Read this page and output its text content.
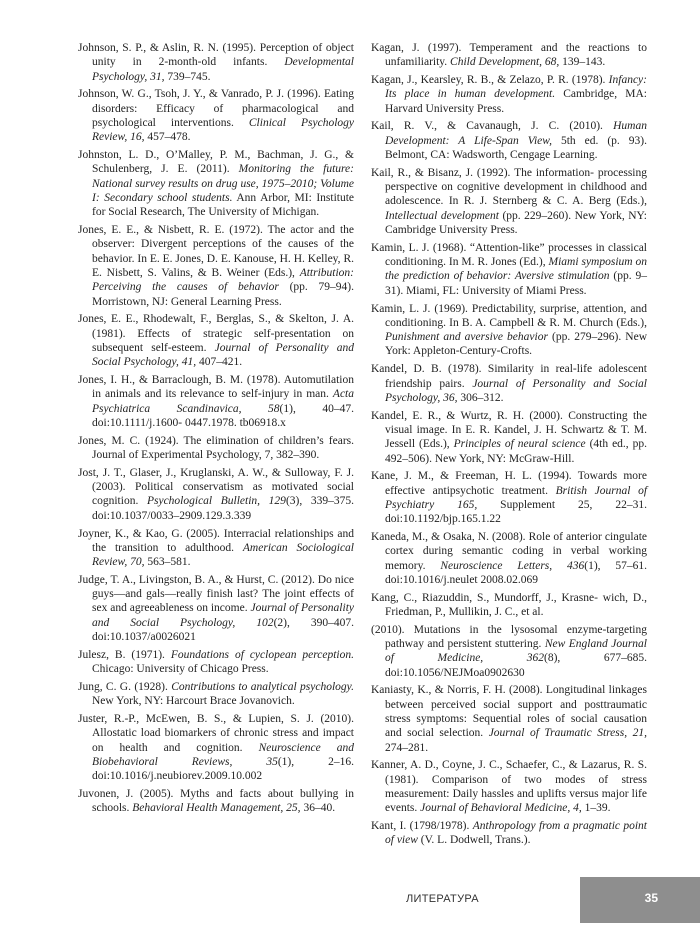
Johnson, S. P., & Aslin, R. N. (1995). Perception of object unity in 2-month-old infants. Developmental Psychology, 31, 739–745.

Johnson, W. G., Tsoh, J. Y., & Vanrado, P. J. (1996). Eating disorders: Efficacy of pharmacological and psychological interventions. Clinical Psychology Review, 16, 457–478.

Johnston, L. D., O’Malley, P. M., Bachman, J. G., & Schulenberg, J. E. (2011). Monitoring the future: National survey results on drug use, 1975–2010; Volume I: Secondary school students. Ann Arbor, MI: Institute for Social Research, The University of Michigan.

Jones, E. E., & Nisbett, R. E. (1972). The actor and the observer: Divergent perceptions of the causes of the behavior. In E. E. Jones, D. E. Kanouse, H. H. Kelley, R. E. Nisbett, S. Valins, & B. Weiner (Eds.), Attribution: Perceiving the causes of behavior (pp. 79–94). Morristown, NJ: General Learning Press.

Jones, E. E., Rhodewalt, F., Berglas, S., & Skelton, J. A. (1981). Effects of strategic self-presentation on subsequent self-esteem. Journal of Personality and Social Psychology, 41, 407–421.

Jones, I. H., & Barraclough, B. M. (1978). Automutilation in animals and its relevance to self-injury in man. Acta Psychiatrica Scandinavica, 58(1), 40–47. doi:10.1111/j.1600- 0447.1978. tb06918.x

Jones, M. C. (1924). The elimination of children’s fears. Journal of Experimental Psychology, 7, 382–390.

Jost, J. T., Glaser, J., Kruglanski, A. W., & Sulloway, F. J. (2003). Political conservatism as motivated social cognition. Psychological Bulletin, 129(3), 339–375. doi:10.1037/0033–2909.129.3.339

Joyner, K., & Kao, G. (2005). Interracial relationships and the transition to adulthood. American Sociological Review, 70, 563–581.

Judge, T. A., Livingston, B. A., & Hurst, C. (2012). Do nice guys—and gals—really finish last? The joint effects of sex and agreeableness on income. Journal of Personality and Social Psychology, 102(2), 390–407. doi:10.1037/a0026021

Julesz, B. (1971). Foundations of cyclopean perception. Chicago: University of Chicago Press.

Jung, C. G. (1928). Contributions to analytical psychology. New York, NY: Harcourt Brace Jovanovich.

Juster, R.-P., McEwen, B. S., & Lupien, S. J. (2010). Allostatic load biomarkers of chronic stress and impact on health and cognition. Neuroscience and Biobehavioral Reviews, 35(1), 2–16. doi:10.1016/j.neubiorev.2009.10.002

Juvonen, J. (2005). Myths and facts about bullying in schools. Behavioral Health Management, 25, 36–40.

Kagan, J. (1997). Temperament and the reactions to unfamiliarity. Child Development, 68, 139–143.

Kagan, J., Kearsley, R. B., & Zelazo, P. R. (1978). Infancy: Its place in human development. Cambridge, MA: Harvard University Press.

Kail, R. V., & Cavanaugh, J. C. (2010). Human Development: A Life-Span View, 5th ed. (p. 93). Belmont, CA: Wadsworth, Cengage Learning.

Kail, R., & Bisanz, J. (1992). The information- processing perspective on cognitive development in childhood and adolescence. In R. J. Sternberg & C. A. Berg (Eds.), Intellectual development (pp. 229–260). New York, NY: Cambridge University Press.

Kamin, L. J. (1968). “Attention-like” processes in classical conditioning. In M. R. Jones (Ed.), Miami symposium on the prediction of behavior: Aversive stimulation (pp. 9–31). Miami, FL: University of Miami Press.

Kamin, L. J. (1969). Predictability, surprise, attention, and conditioning. In B. A. Campbell & R. M. Church (Eds.), Punishment and aversive behavior (pp. 279–296). New York: Appleton-Century-Crofts.

Kandel, D. B. (1978). Similarity in real-life adolescent friendship pairs. Journal of Personality and Social Psychology, 36, 306–312.

Kandel, E. R., & Wurtz, R. H. (2000). Constructing the visual image. In E. R. Kandel, J. H. Schwartz & T. M. Jessell (Eds.), Principles of neural science (4th ed., pp. 492–506). New York, NY: McGraw-Hill.

Kane, J. M., & Freeman, H. L. (1994). Towards more effective antipsychotic treatment. British Journal of Psychiatry 165, Supplement 25, 22–31. doi:10.1192/bjp.165.1.22

Kaneda, M., & Osaka, N. (2008). Role of anterior cingulate cortex during semantic coding in verbal working memory. Neuroscience Letters, 436(1), 57–61. doi:10.1016/j.neulet 2008.02.069

Kang, C., Riazuddin, S., Mundorff, J., Krasne- wich, D., Friedman, P., Mullikin, J. C., et al.

(2010). Mutations in the lysosomal enzyme-targeting pathway and persistent stuttering. New England Journal of Medicine, 362(8), 677–685. doi:10.1056/NEJMoa0902630

Kaniasty, K., & Norris, F. H. (2008). Longitudinal linkages between perceived social support and posttraumatic stress symptoms: Sequential roles of social causation and social selection. Journal of Traumatic Stress, 21, 274–281.

Kanner, A. D., Coyne, J. C., Schaefer, C., & Lazarus, R. S. (1981). Comparison of two modes of stress measurement: Daily hassles and uplifts versus major life events. Journal of Behavioral Medicine, 4, 1–39.

Kant, I. (1798/1978). Anthropology from a pragmatic point of view (V. L. Dodwell, Trans.).

ЛИТЕРАТУРА	35
